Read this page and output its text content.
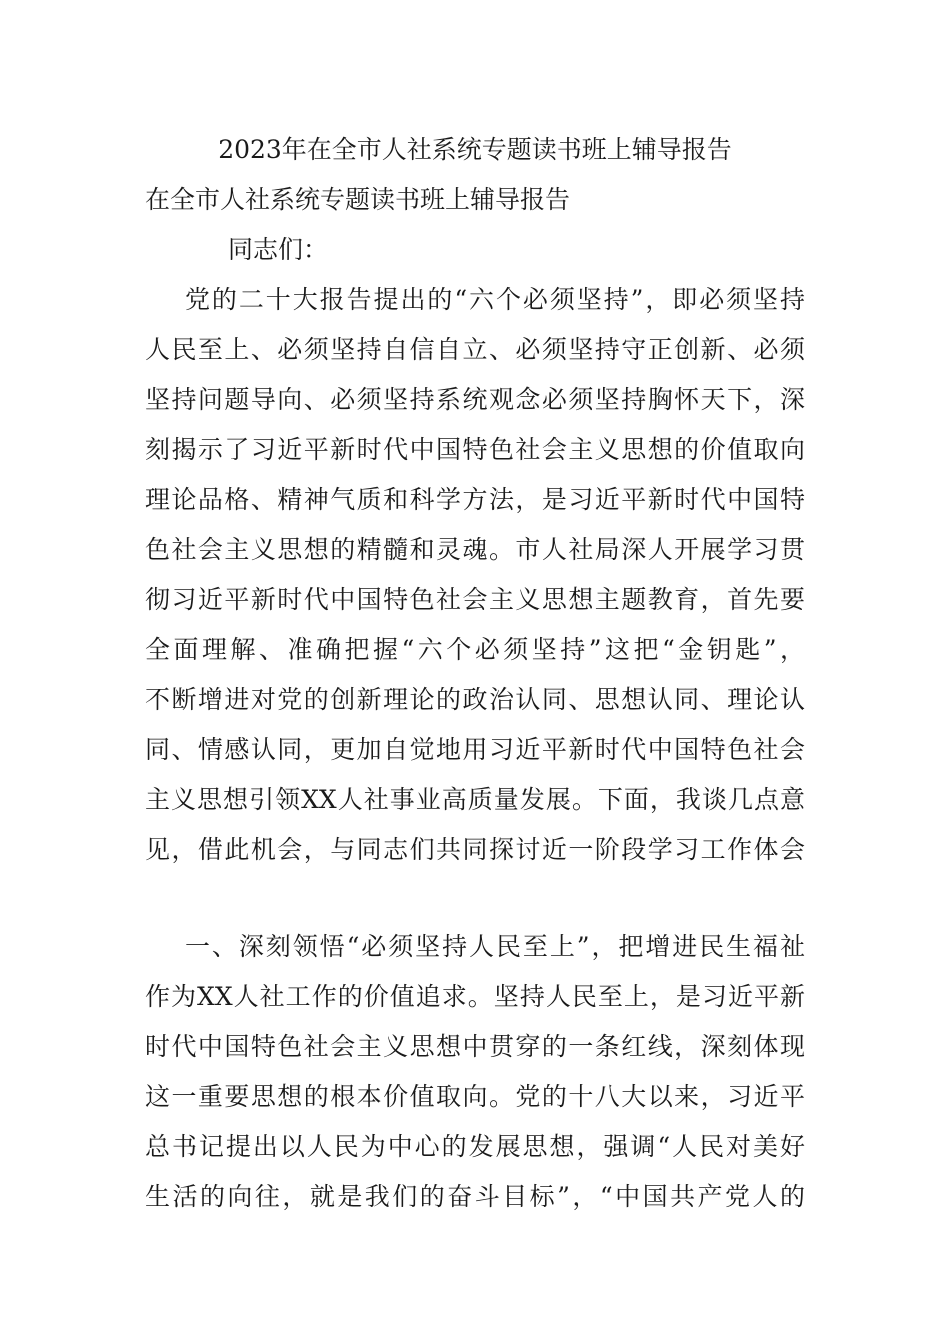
2023年在全市人社系统专题读书班上辅导报告
在全市人社系统专题读书班上辅导报告
同志们：
党的二十大报告提出的“六个必须坚持”，即必须坚持
人民至上、必须坚持自信自立、必须坚持守正创新、必须
坚持问题导向、必须坚持系统观念必须坚持胸怀天下，深
刻揭示了习近平新时代中国特色社会主义思想的价值取向
理论品格、精神气质和科学方法，是习近平新时代中国特
色社会主义思想的精髓和灵魂。市人社局深人开展学习贯
彻习近平新时代中国特色社会主义思想主题教育，首先要
全面理解、准确把握“六个必须坚持”这把“金钥匙”，
不断增进对党的创新理论的政治认同、思想认同、理论认
同、情感认同，更加自觉地用习近平新时代中国特色社会
主义思想引领XX人社事业高质量发展。下面，我谈几点意
见，借此机会，与同志们共同探讨近一阶段学习工作体会
一、深刻领悟“必须坚持人民至上”，把增进民生福祉
作为XX人社工作的价值追求。坚持人民至上，是习近平新
时代中国特色社会主义思想中贯穿的一条红线，深刻体现
这一重要思想的根本价值取向。党的十八大以来，习近平
总书记提出以人民为中心的发展思想，强调“人民对美好
生活的向往，就是我们的奋斗目标”，“中国共产党人的
